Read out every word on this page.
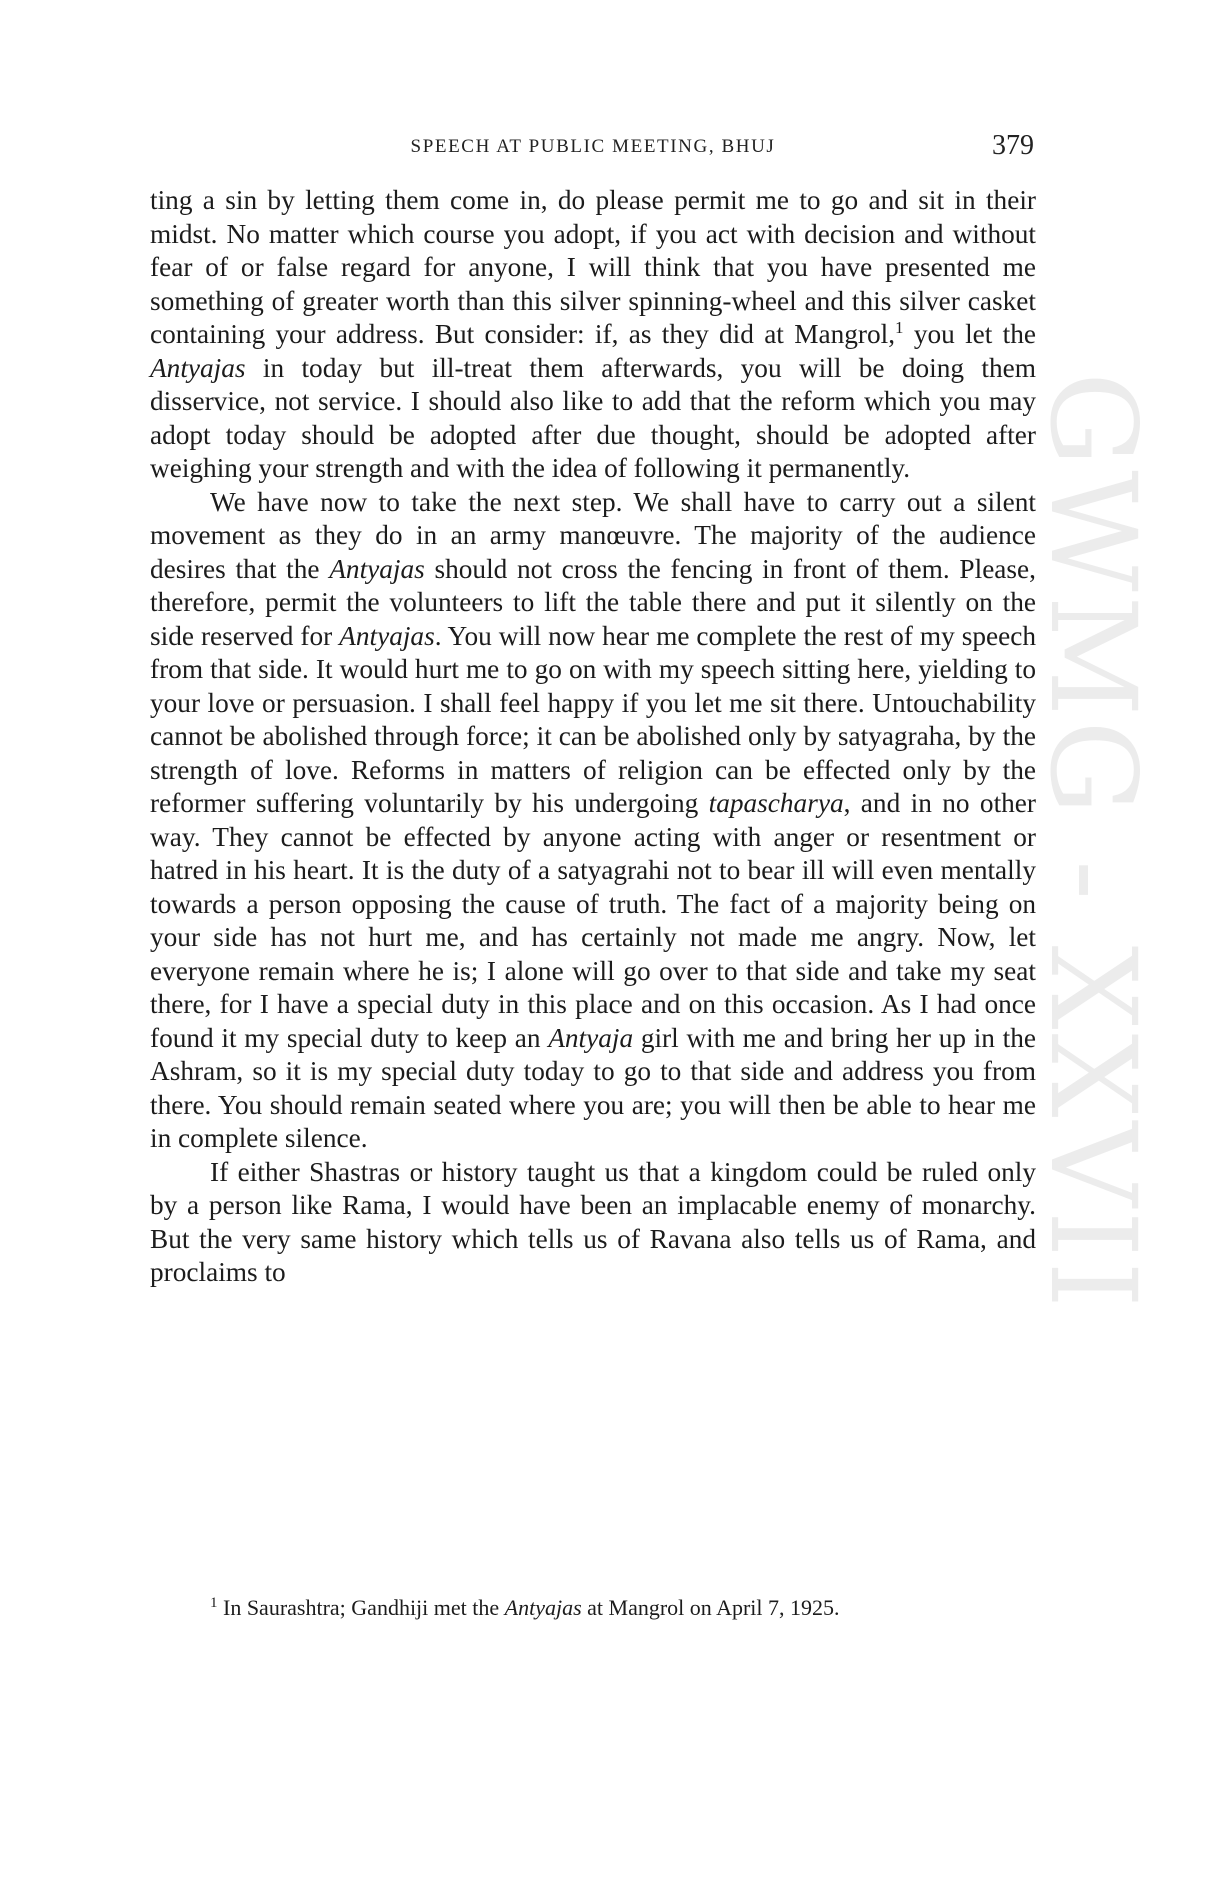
GWMG - XXVII
SPEECH AT PUBLIC MEETING, BHUJ	379

ting a sin by letting them come in, do please permit me to go and sit in their midst. No matter which course you adopt, if you act with decision and without fear of or false regard for anyone, I will think that you have presented me something of greater worth than this silver spinning-wheel and this silver casket containing your address. But consider: if, as they did at Mangrol,$^1$ you let the Antyajas in today but ill-treat them afterwards, you will be doing them disservice, not service. I should also like to add that the reform which you may adopt today should be adopted after due thought, should be adopted after weighing your strength and with the idea of following it permanently.

We have now to take the next step. We shall have to carry out a silent movement as they do in an army manœuvre. The majority of the audience desires that the Antyajas should not cross the fencing in front of them. Please, therefore, permit the volunteers to lift the table there and put it silently on the side reserved for Antyajas. You will now hear me complete the rest of my speech from that side. It would hurt me to go on with my speech sitting here, yielding to your love or persuasion. I shall feel happy if you let me sit there. Untouchability cannot be abolished through force; it can be abolished only by satyagraha, by the strength of love. Reforms in matters of religion can be effected only by the reformer suffering voluntarily by his undergoing tapascharya, and in no other way. They cannot be effected by anyone acting with anger or resentment or hatred in his heart. It is the duty of a satyagrahi not to bear ill will even mentally towards a person opposing the cause of truth. The fact of a majority being on your side has not hurt me, and has certainly not made me angry. Now, let everyone remain where he is; I alone will go over to that side and take my seat there, for I have a special duty in this place and on this occasion. As I had once found it my special duty to keep an Antyaja girl with me and bring her up in the Ashram, so it is my special duty today to go to that side and address you from there. You should remain seated where you are; you will then be able to hear me in complete silence.

If either Shastras or history taught us that a kingdom could be ruled only by a person like Rama, I would have been an implacable enemy of monarchy. But the very same history which tells us of Ravana also tells us of Rama, and proclaims to

$^1$ In Saurashtra; Gandhiji met the Antyajas at Mangrol on April 7, 1925.
